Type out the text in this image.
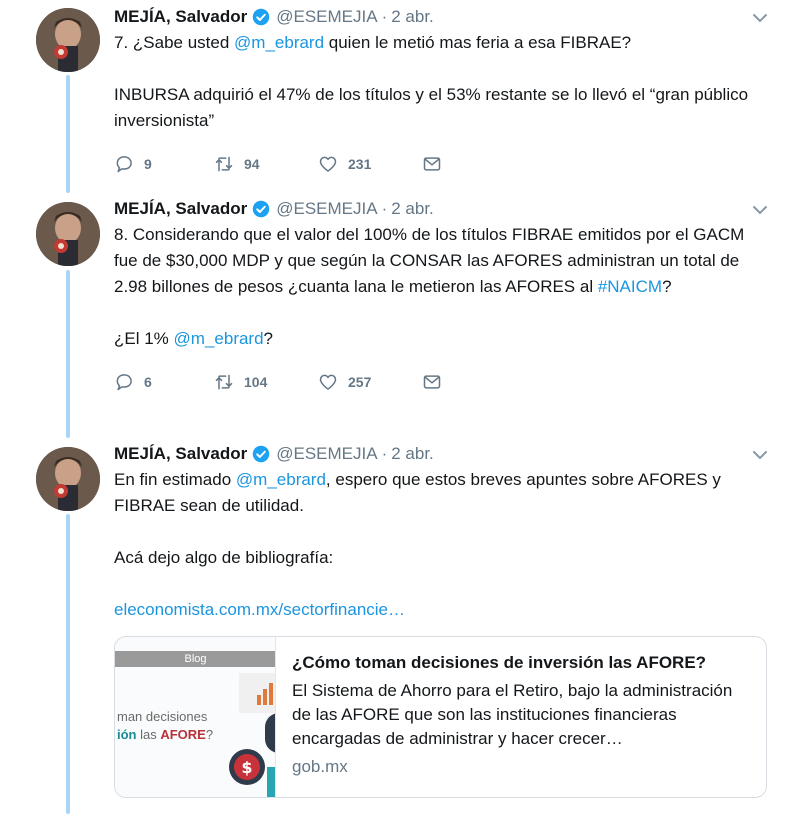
MEJÍA, Salvador @ESEMEJIA · 2 abr.

7. ¿Sabe usted @m_ebrard quien le metió mas feria a esa FIBRAE?

INBURSA adquirió el 47% de los títulos y el 53% restante se lo llevó el “gran público inversionista”

9	94	231
MEJÍA, Salvador @ESEMEJIA · 2 abr.

8. Considerando que el valor del 100% de los títulos FIBRAE emitidos por el GACM fue de $30,000 MDP y que según la CONSAR las AFORES administran un total de 2.98 billones de pesos ¿cuanta lana le metieron las AFORES al #NAICM?

¿El 1% @m_ebrard?

6	104	257
MEJÍA, Salvador @ESEMEJIA · 2 abr.

En fin estimado @m_ebrard, espero que estos breves apuntes sobre AFORES y FIBRAE sean de utilidad.

Acá dejo algo de bibliografía:

eleconomista.com.mx/sectorfinancie…

Blog
man decisiones
ión las AFORE?
$
¿Cómo toman decisiones de inversión las AFORE?
El Sistema de Ahorro para el Retiro, bajo la administración de las AFORE que son las instituciones financieras encargadas de administrar y hacer crecer…
gob.mx
